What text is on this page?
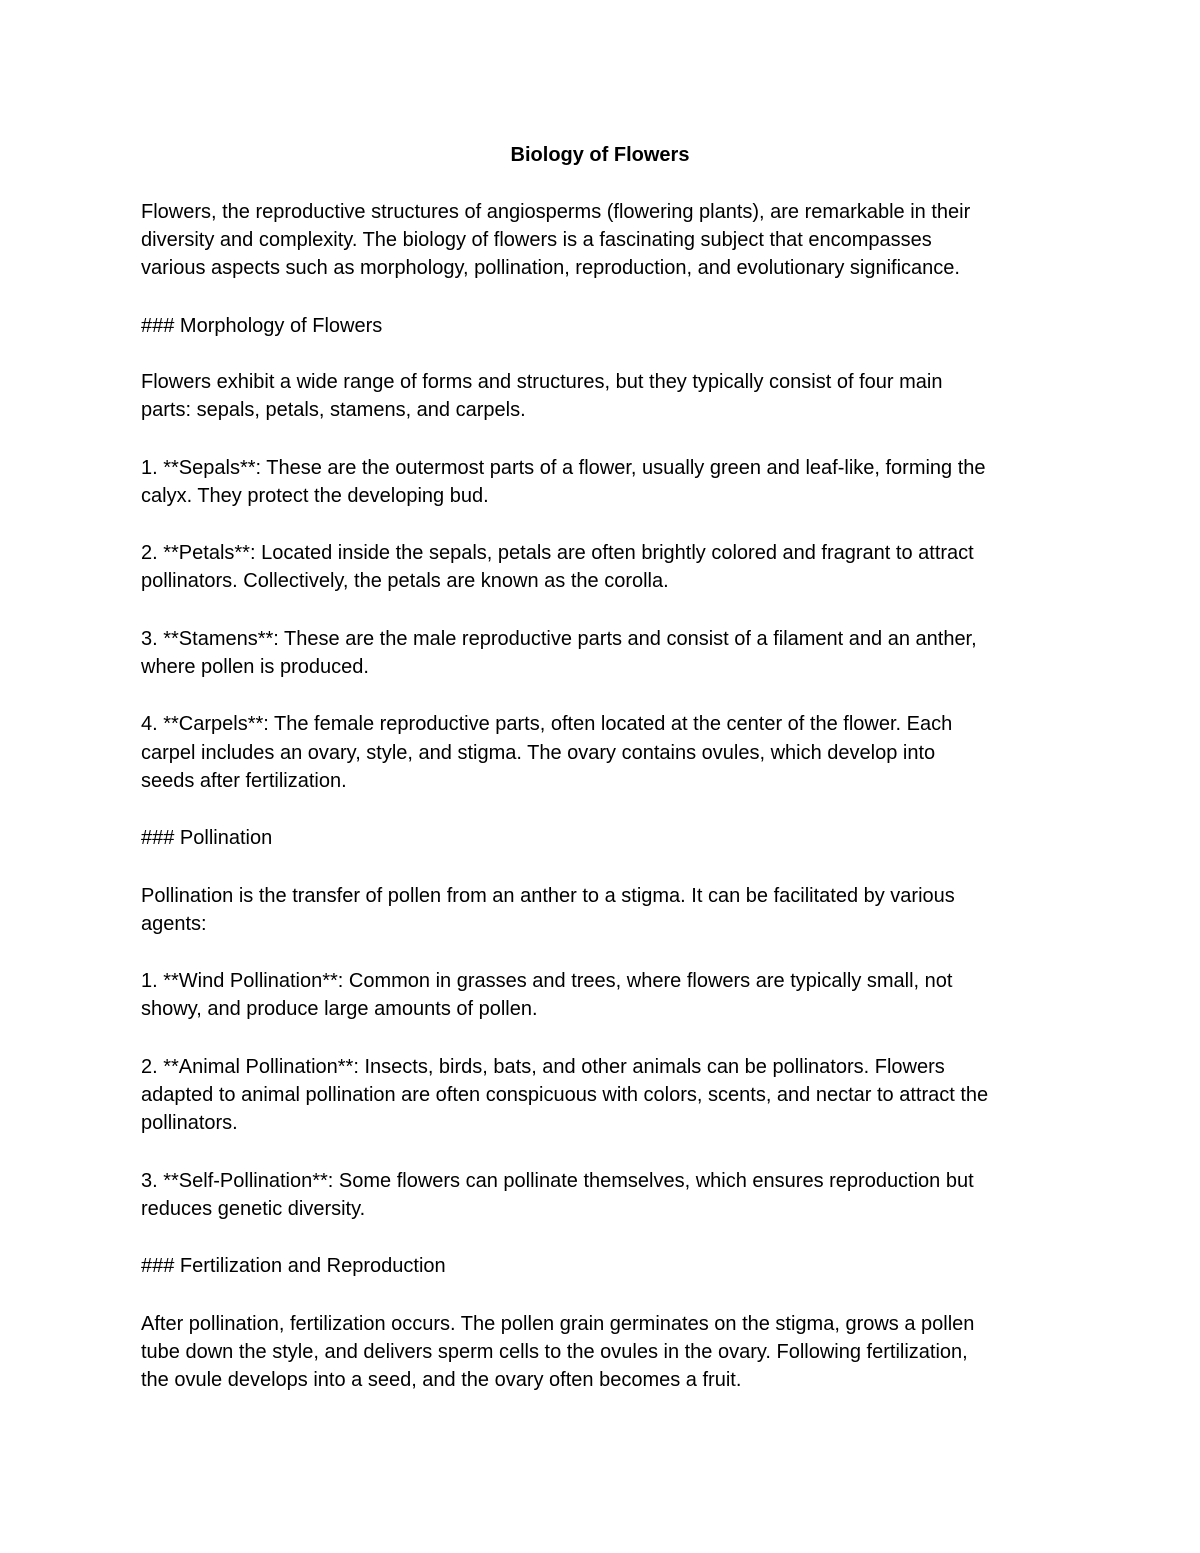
Biology of Flowers

Flowers, the reproductive structures of angiosperms (flowering plants), are remarkable in their

diversity and complexity. The biology of flowers is a fascinating subject that encompasses

various aspects such as morphology, pollination, reproduction, and evolutionary significance.

### Morphology of Flowers

Flowers exhibit a wide range of forms and structures, but they typically consist of four main

parts: sepals, petals, stamens, and carpels.

1. **Sepals**: These are the outermost parts of a flower, usually green and leaf-like, forming the

calyx. They protect the developing bud.

2. **Petals**: Located inside the sepals, petals are often brightly colored and fragrant to attract

pollinators. Collectively, the petals are known as the corolla.

3. **Stamens**: These are the male reproductive parts and consist of a filament and an anther,

where pollen is produced.

4. **Carpels**: The female reproductive parts, often located at the center of the flower. Each

carpel includes an ovary, style, and stigma. The ovary contains ovules, which develop into

seeds after fertilization.

### Pollination

Pollination is the transfer of pollen from an anther to a stigma. It can be facilitated by various

agents:

1. **Wind Pollination**: Common in grasses and trees, where flowers are typically small, not

showy, and produce large amounts of pollen.

2. **Animal Pollination**: Insects, birds, bats, and other animals can be pollinators. Flowers

adapted to animal pollination are often conspicuous with colors, scents, and nectar to attract the

pollinators.

3. **Self-Pollination**: Some flowers can pollinate themselves, which ensures reproduction but

reduces genetic diversity.

### Fertilization and Reproduction

After pollination, fertilization occurs. The pollen grain germinates on the stigma, grows a pollen

tube down the style, and delivers sperm cells to the ovules in the ovary. Following fertilization,

the ovule develops into a seed, and the ovary often becomes a fruit.
